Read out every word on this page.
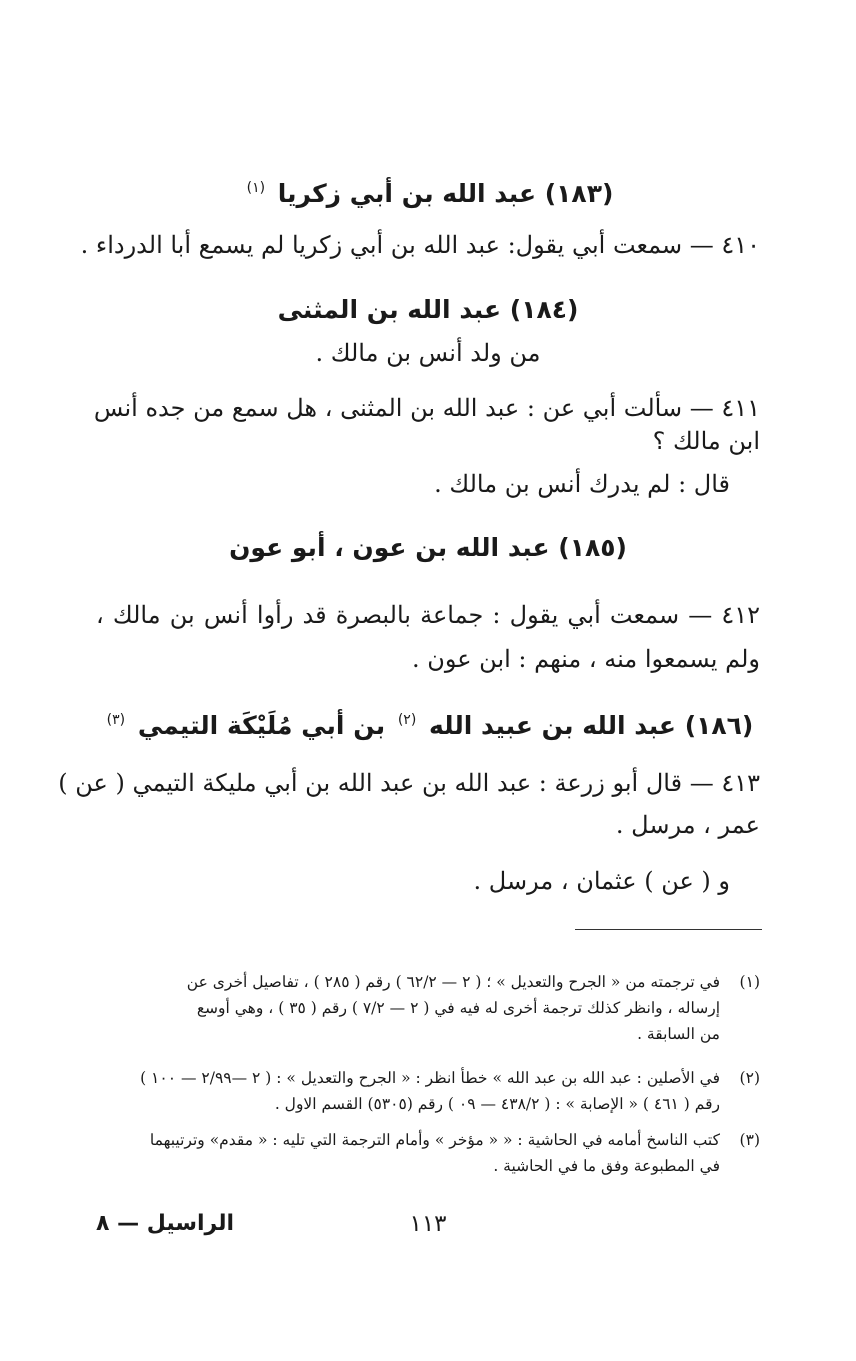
(١٨٣) عبد الله بن أبي زكريا $^{(١)}$
٤١٠ — سمعت أبي يقول: عبد الله بن أبي زكريا لم يسمع أبا الدرداء .
(١٨٤) عبد الله بن المثنى
من ولد أنس بن مالك .
٤١١ — سألت أبي عن : عبد الله بن المثنى ، هل سمع من جده أنس
ابن مالك ؟
قال : لم يدرك أنس بن مالك .
(١٨٥) عبد الله بن عون ، أبو عون
٤١٢ — سمعت أبي يقول : جماعة بالبصرة قد رأوا أنس بن مالك ،
ولم يسمعوا منه ، منهم : ابن عون .
(١٨٦) عبد الله بن عبيد الله $^{(٢)}$ بن أبي مُلَيْكَة التيمي $^{(٣)}$
٤١٣ — قال أبو زرعة : عبد الله بن عبد الله بن أبي مليكة التيمي ( عن )
عمر ، مرسل .
و ( عن ) عثمان ، مرسل .
(١)
في ترجمته من « الجرح والتعديل » ؛ ( ٢ — ٦٢/٢ ) رقم ( ٢٨٥ ) ، تفاصيل أخرى عن
إرساله ، وانظر كذلك ترجمة أخرى له فيه في ( ٢ — ٧/٢ ) رقم ( ٣٥ ) ، وهي أوسع
من السابقة .
(٢)
في الأصلين : عبد الله بن عبد الله » خطأ انظر : « الجرح والتعديل » : ( ٢ —٢/٩٩ — ١٠٠ )
رقم ( ٤٦١ ) « الإصابة » : ( ٤٣٨/٢ — ٠٩ ) رقم (٥٣٠٥) القسم الاول .
(٣)
كتب الناسخ أمامه في الحاشية : « « مؤخر » وأمام الترجمة التي تليه : « مقدم» وترتيبهما
في المطبوعة وفق ما في الحاشية .
١١٣
الراسيل — ٨
